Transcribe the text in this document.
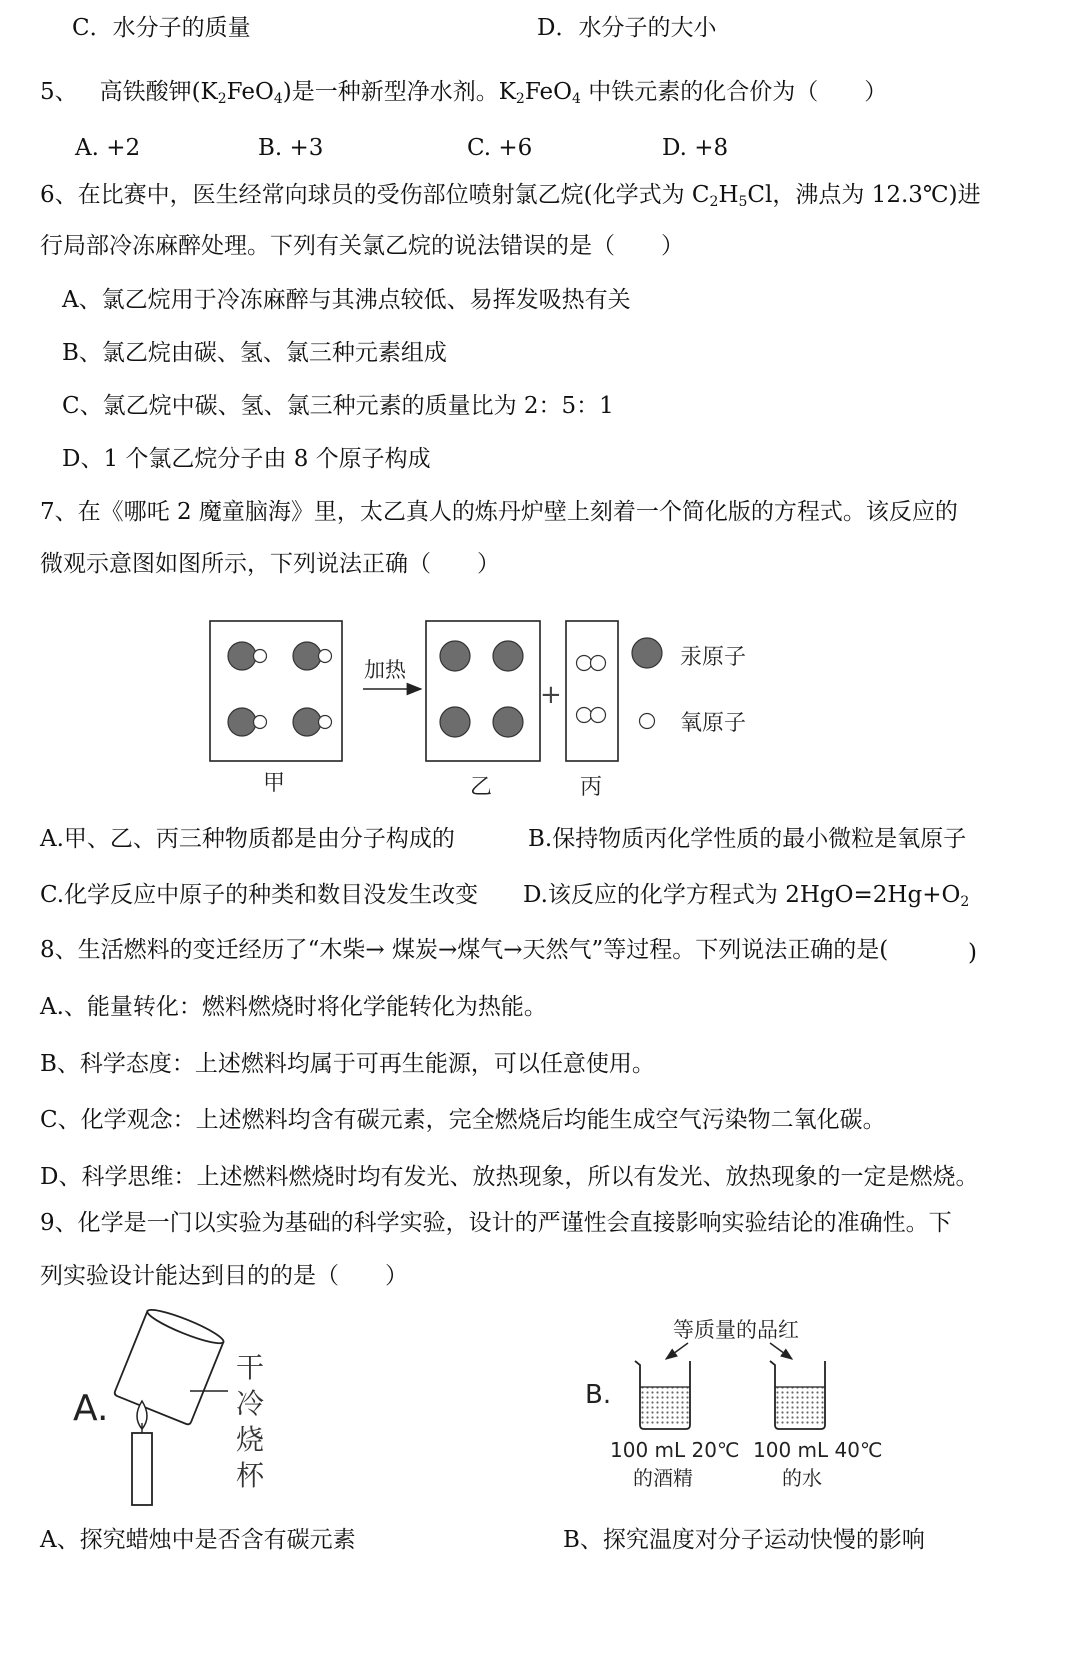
C．水分子的质量	D．水分子的大小
5、 高铁酸钾$(K_2FeO_4)$是一种新型净水剂。$K_2FeO_4$ 中铁元素的化合价为（　　）
A. +2	B. +3	C. +6	D. +8
6、在比赛中，医生经常向球员的受伤部位喷射氯乙烷(化学式为 $C_2H_5Cl$，沸点为 12.3℃)进
行局部冷冻麻醉处理。下列有关氯乙烷的说法错误的是（　　）
A、氯乙烷用于冷冻麻醉与其沸点较低、易挥发吸热有关
B、氯乙烷由碳、氢、氯三种元素组成
C、氯乙烷中碳、氢、氯三种元素的质量比为 2：5：1
D、1 个氯乙烷分子由 8 个原子构成
7、在《哪吒 2 魔童脑海》里，太乙真人的炼丹炉壁上刻着一个简化版的方程式。该反应的
微观示意图如图所示，下列说法正确（　　）
加热
+
汞原子
氧原子
甲	乙	丙
A.甲、乙、丙三种物质都是由分子构成的	B.保持物质丙化学性质的最小微粒是氧原子
C.化学反应中原子的种类和数目没发生改变 D.该反应的化学方程式为 $2HgO=2Hg+O_2$
8、生活燃料的变迁经历了“木柴→ 煤炭→煤气→天然气”等过程。下列说法正确的是(	)
A.、能量转化：燃料燃烧时将化学能转化为热能。
B、科学态度：上述燃料均属于可再生能源，可以任意使用。
C、化学观念：上述燃料均含有碳元素，完全燃烧后均能生成空气污染物二氧化碳。
D、科学思维：上述燃料燃烧时均有发光、放热现象，所以有发光、放热现象的一定是燃烧。
9、化学是一门以实验为基础的科学实验，设计的严谨性会直接影响实验结论的准确性。下
列实验设计能达到目的的是（　　）
A.
干
冷
烧
杯
B.
等质量的品红
100 mL 20℃
的酒精
100 mL 40℃
的水
A、探究蜡烛中是否含有碳元素	B、探究温度对分子运动快慢的影响
